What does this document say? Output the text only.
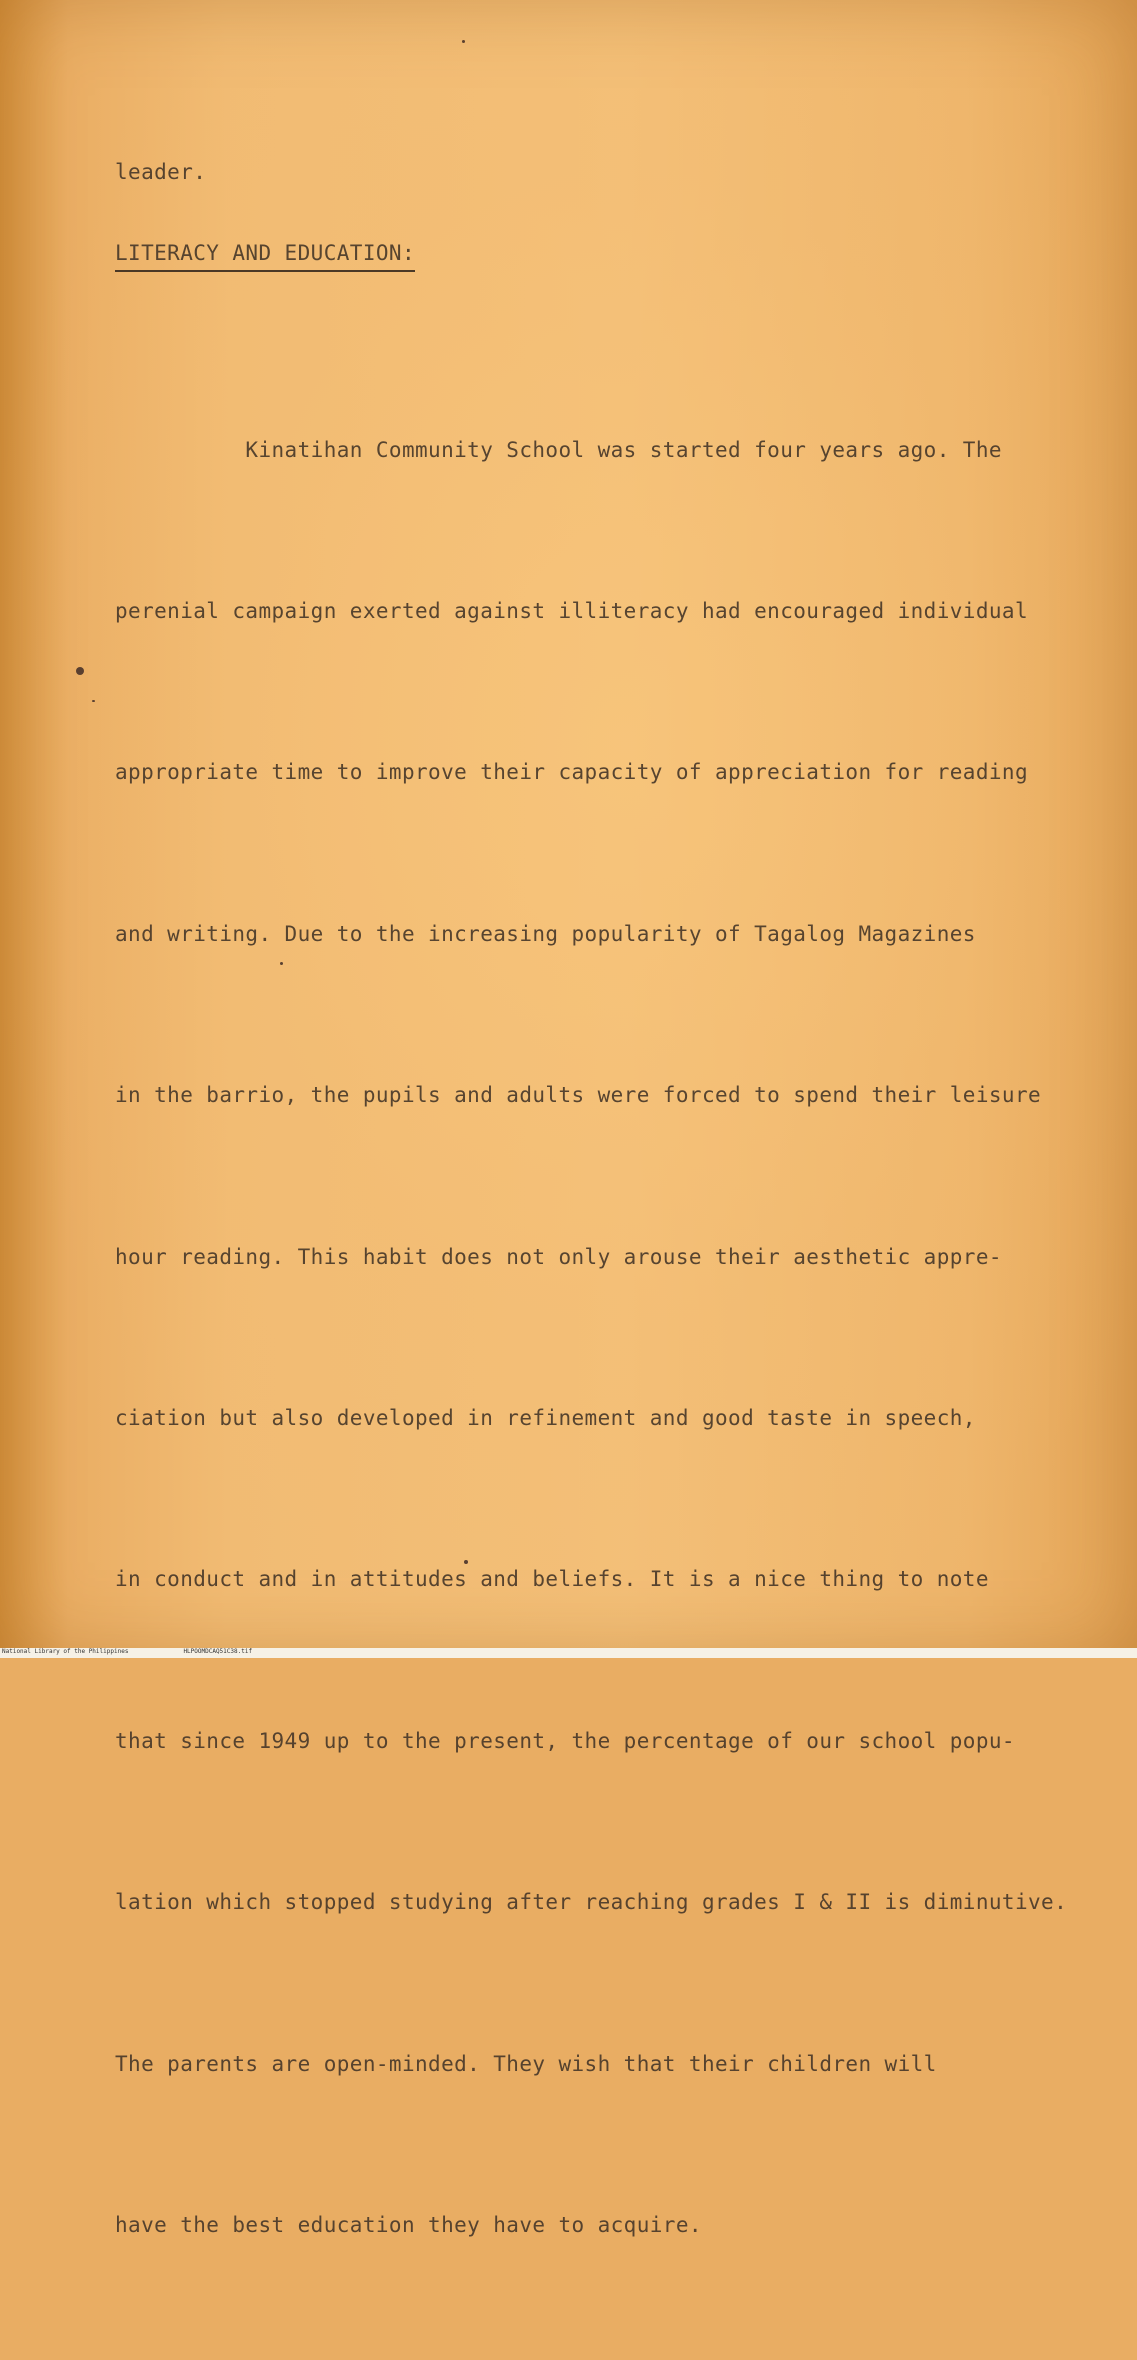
leader.
LITERACY AND EDUCATION:

Kinatihan Community School was started four years ago. The

perenial campaign exerted against illiteracy had encouraged individual

appropriate time to improve their capacity of appreciation for reading

and writing. Due to the increasing popularity of Tagalog Magazines

in the barrio, the pupils and adults were forced to spend their leisure

hour reading. This habit does not only arouse their aesthetic appre-

ciation but also developed in refinement and good taste in speech,

in conduct and in attitudes and beliefs. It is a nice thing to note

that since 1949 up to the present, the percentage of our school popu-

lation which stopped studying after reaching grades I & II is diminutive.

The parents are open-minded. They wish that their children will

have the best education they have to acquire.

National Library of the Philippines	HLPOOMDCAQ51C38.tif
